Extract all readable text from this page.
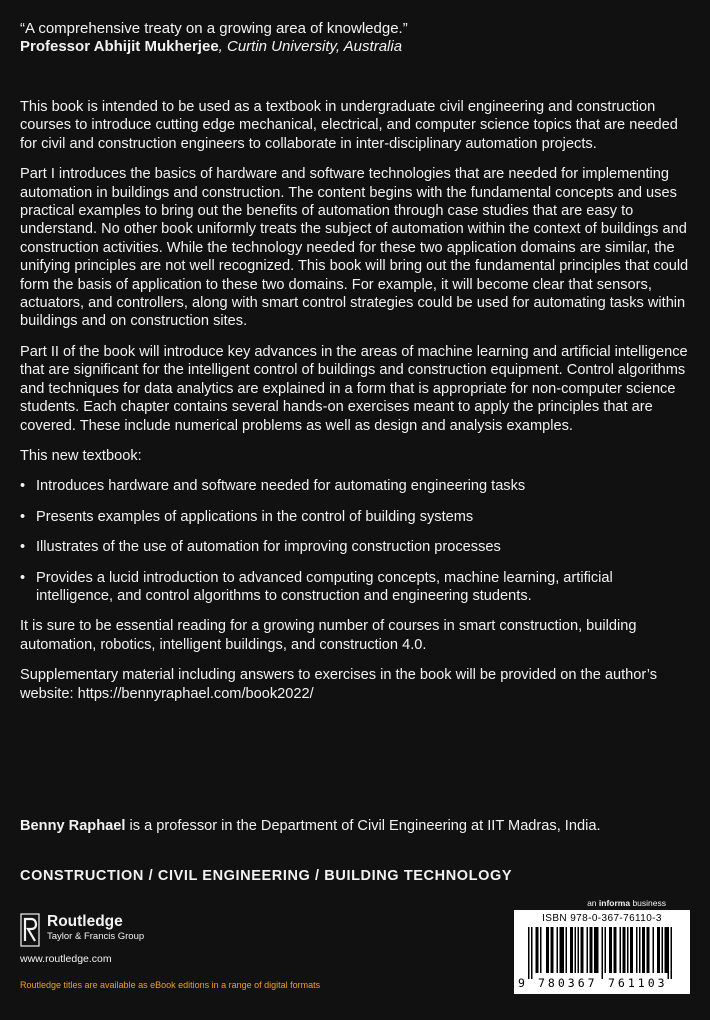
“A comprehensive treaty on a growing area of knowledge.”
Professor Abhijit Mukherjee, Curtin University, Australia

This book is intended to be used as a textbook in undergraduate civil engineering and construction courses to introduce cutting edge mechanical, electrical, and computer science topics that are needed for civil and construction engineers to collaborate in inter-disciplinary automation projects.

Part I introduces the basics of hardware and software technologies that are needed for implementing automation in buildings and construction. The content begins with the fundamental concepts and uses practical examples to bring out the benefits of automation through case studies that are easy to understand. No other book uniformly treats the subject of automation within the context of buildings and construction activities. While the technology needed for these two application domains are similar, the unifying principles are not well recognized. This book will bring out the fundamental principles that could form the basis of application to these two domains. For example, it will become clear that sensors, actuators, and controllers, along with smart control strategies could be used for automating tasks within buildings and on construction sites.

Part II of the book will introduce key advances in the areas of machine learning and artificial intelligence that are significant for the intelligent control of buildings and construction equipment. Control algorithms and techniques for data analytics are explained in a form that is appropriate for non-computer science students. Each chapter contains several hands-on exercises meant to apply the principles that are covered. These include numerical problems as well as design and analysis examples.

This new textbook:

• Introduces hardware and software needed for automating engineering tasks
• Presents examples of applications in the control of building systems
• Illustrates of the use of automation for improving construction processes
• Provides a lucid introduction to advanced computing concepts, machine learning, artificial intelligence, and control algorithms to construction and engineering students.

It is sure to be essential reading for a growing number of courses in smart construction, building automation, robotics, intelligent buildings, and construction 4.0.

Supplementary material including answers to exercises in the book will be provided on the author’s website: https://bennyraphael.com/book2022/

Benny Raphael is a professor in the Department of Civil Engineering at IIT Madras, India.
CONSTRUCTION / CIVIL ENGINEERING / BUILDING TECHNOLOGY
Routledge
Taylor & Francis Group
www.routledge.com
Routledge titles are available as eBook editions in a range of digital formats
an informa business
ISBN 978-0-367-76110-3
9 780367 761103
